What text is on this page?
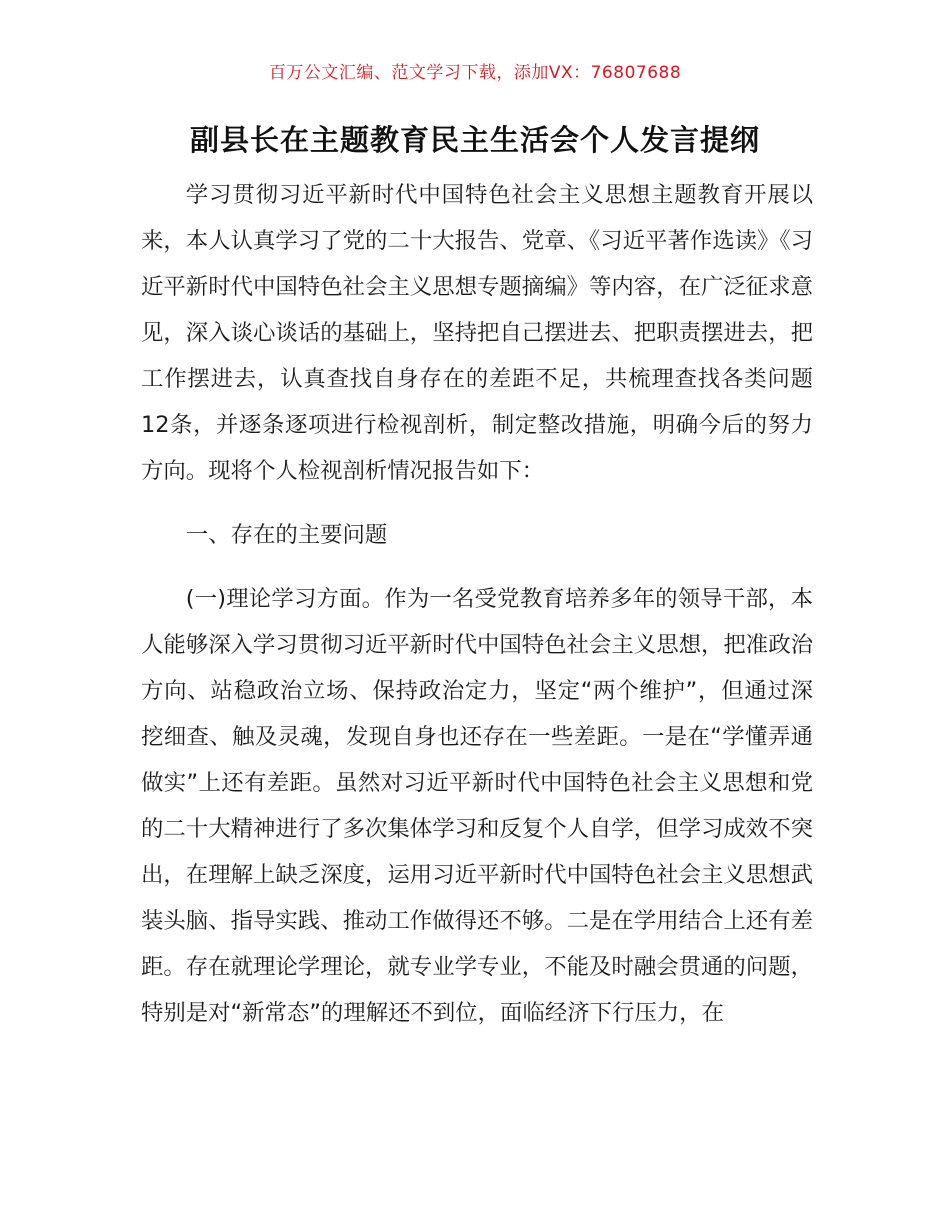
百万公文汇编、范文学习下载，添加VX：76807688
副县长在主题教育民主生活会个人发言提纲

学习贯彻习近平新时代中国特色社会主义思想主题教育开展以来，本人认真学习了党的二十大报告、党章、《习近平著作选读》《习近平新时代中国特色社会主义思想专题摘编》等内容，在广泛征求意见，深入谈心谈话的基础上，坚持把自己摆进去、把职责摆进去，把工作摆进去，认真查找自身存在的差距不足，共梳理查找各类问题12条，并逐条逐项进行检视剖析，制定整改措施，明确今后的努力方向。现将个人检视剖析情况报告如下：

一、存在的主要问题

(一)理论学习方面。作为一名受党教育培养多年的领导干部，本人能够深入学习贯彻习近平新时代中国特色社会主义思想，把准政治方向、站稳政治立场、保持政治定力，坚定“两个维护”，但通过深挖细查、触及灵魂，发现自身也还存在一些差距。一是在“学懂弄通做实”上还有差距。虽然对习近平新时代中国特色社会主义思想和党的二十大精神进行了多次集体学习和反复个人自学，但学习成效不突出，在理解上缺乏深度，运用习近平新时代中国特色社会主义思想武装头脑、指导实践、推动工作做得还不够。二是在学用结合上还有差距。存在就理论学理论，就专业学专业，不能及时融会贯通的问题，特别是对“新常态”的理解还不到位，面临经济下行压力，在
